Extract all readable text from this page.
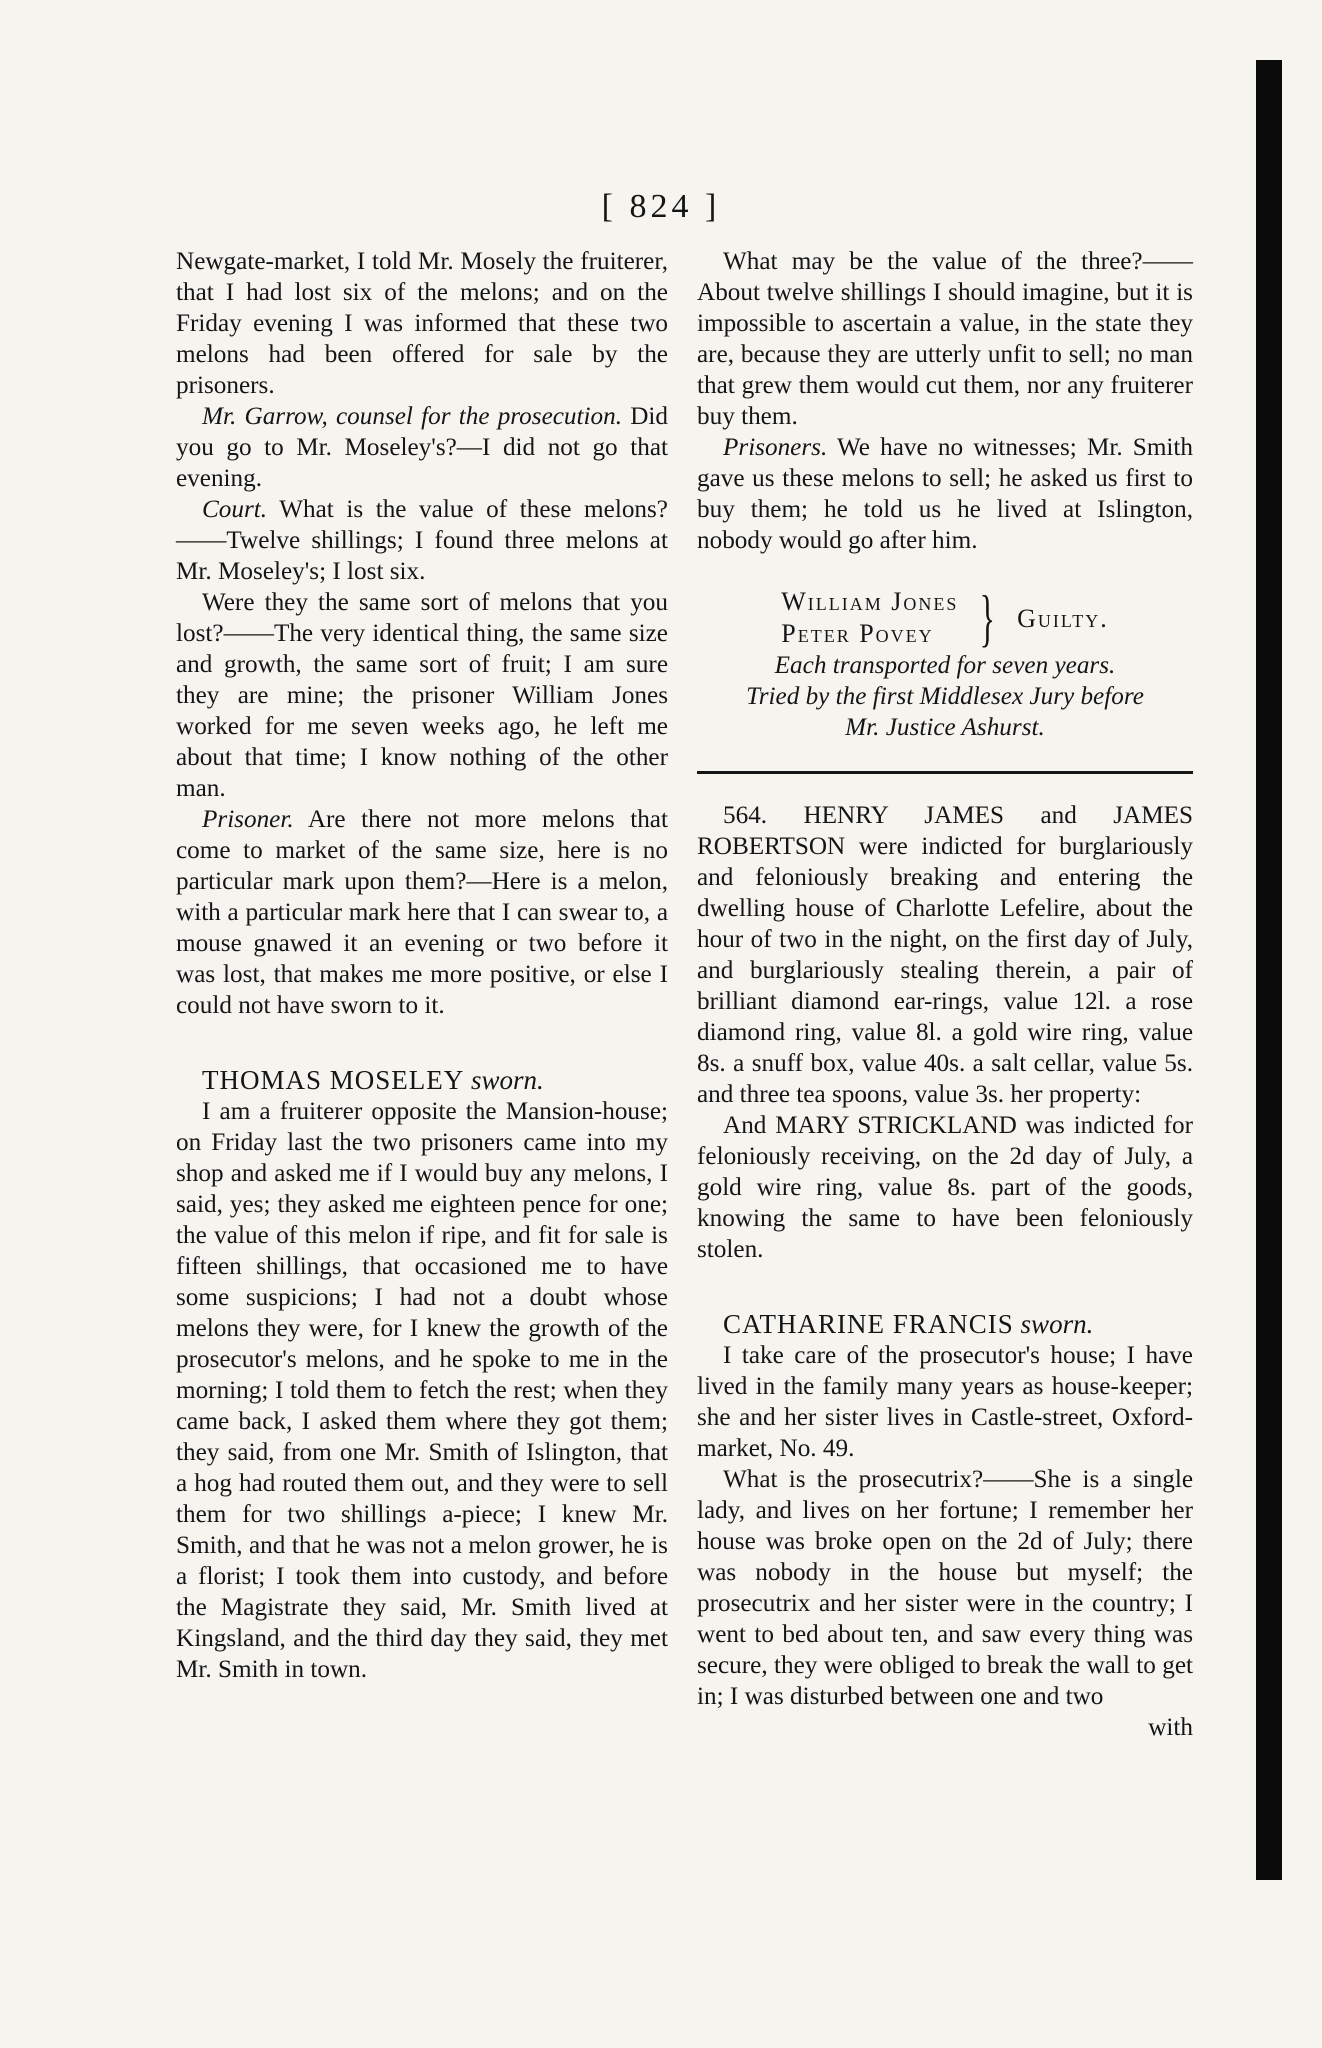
[ 824 ]

Newgate-market, I told Mr. Mosely the fruiterer, that I had lost six of the melons; and on the Friday evening I was informed that these two melons had been offered for sale by the prisoners.

Mr. Garrow, counsel for the prosecution. Did you go to Mr. Moseley's?—I did not go that evening.

Court. What is the value of these melons?——Twelve shillings; I found three melons at Mr. Moseley's; I lost six.

Were they the same sort of melons that you lost?——The very identical thing, the same size and growth, the same sort of fruit; I am sure they are mine; the prisoner William Jones worked for me seven weeks ago, he left me about that time; I know nothing of the other man.

Prisoner. Are there not more melons that come to market of the same size, here is no particular mark upon them?—Here is a melon, with a particular mark here that I can swear to, a mouse gnawed it an evening or two before it was lost, that makes me more positive, or else I could not have sworn to it.

THOMAS MOSELEY sworn.

I am a fruiterer opposite the Mansion-house; on Friday last the two prisoners came into my shop and asked me if I would buy any melons, I said, yes; they asked me eighteen pence for one; the value of this melon if ripe, and fit for sale is fifteen shillings, that occasioned me to have some suspicions; I had not a doubt whose melons they were, for I knew the growth of the prosecutor's melons, and he spoke to me in the morning; I told them to fetch the rest; when they came back, I asked them where they got them; they said, from one Mr. Smith of Islington, that a hog had routed them out, and they were to sell them for two shillings a-piece; I knew Mr. Smith, and that he was not a melon grower, he is a florist; I took them into custody, and before the Magistrate they said, Mr. Smith lived at Kingsland, and the third day they said, they met Mr. Smith in town.

What may be the value of the three?——About twelve shillings I should imagine, but it is impossible to ascertain a value, in the state they are, because they are utterly unfit to sell; no man that grew them would cut them, nor any fruiterer buy them.

Prisoners. We have no witnesses; Mr. Smith gave us these melons to sell; he asked us first to buy them; he told us he lived at Islington, nobody would go after him.

William Jones
Peter Povey } Guilty.

Each transported for seven years.

Tried by the first Middlesex Jury before

Mr. Justice Ashurst.

564. HENRY JAMES and JAMES ROBERTSON were indicted for burglariously and feloniously breaking and entering the dwelling house of Charlotte Lefelire, about the hour of two in the night, on the first day of July, and burglariously stealing therein, a pair of brilliant diamond ear-rings, value 12l. a rose diamond ring, value 8l. a gold wire ring, value 8s. a snuff box, value 40s. a salt cellar, value 5s. and three tea spoons, value 3s. her property:

And MARY STRICKLAND was indicted for feloniously receiving, on the 2d day of July, a gold wire ring, value 8s. part of the goods, knowing the same to have been feloniously stolen.

CATHARINE FRANCIS sworn.

I take care of the prosecutor's house; I have lived in the family many years as house-keeper; she and her sister lives in Castle-street, Oxford-market, No. 49.

What is the prosecutrix?——She is a single lady, and lives on her fortune; I remember her house was broke open on the 2d of July; there was nobody in the house but myself; the prosecutrix and her sister were in the country; I went to bed about ten, and saw every thing was secure, they were obliged to break the wall to get in; I was disturbed between one and two

with
